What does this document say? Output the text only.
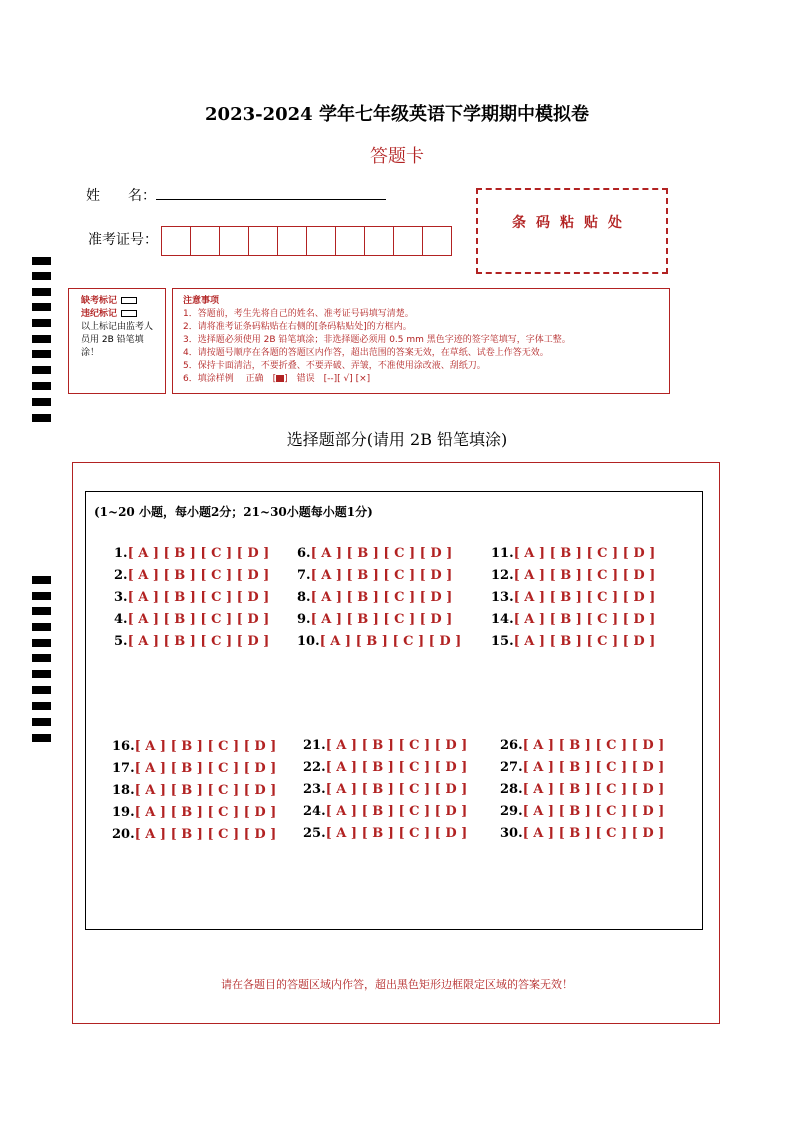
2023-2024 学年七年级英语下学期期中模拟卷
答题卡
姓　　名：
准考证号：
条码粘贴处
缺考标记
违纪标记
以上标记由监考人员用 2B 铅笔填涂！
注意事项
1．答题前，考生先将自己的姓名、准考证号码填写清楚。
2．请将准考证条码粘贴在右侧的[条码粘贴处]的方框内。
3．选择题必须使用 2B 铅笔填涂；非选择题必须用 0.5 mm 黑色字迹的签字笔填写，字体工整。
4．请按题号顺序在各题的答题区内作答，超出范围的答案无效，在草纸、试卷上作答无效。
5．保持卡面清洁，不要折叠、不要弄破、弄皱，不准使用涂改液、刮纸刀。
6．填涂样例　 正确　[ ]　错误　[--][ √] [×]
选择题部分(请用 2B 铅笔填涂)
(1~20 小题，每小题2分；21~30小题每小题1分)
1.[ A ] [ B ] [ C ] [ D ]
2.[ A ] [ B ] [ C ] [ D ]
3.[ A ] [ B ] [ C ] [ D ]
4.[ A ] [ B ] [ C ] [ D ]
5.[ A ] [ B ] [ C ] [ D ]
6.[ A ] [ B ] [ C ] [ D ]
7.[ A ] [ B ] [ C ] [ D ]
8.[ A ] [ B ] [ C ] [ D ]
9.[ A ] [ B ] [ C ] [ D ]
10.[ A ] [ B ] [ C ] [ D ]
11.[ A ] [ B ] [ C ] [ D ]
12.[ A ] [ B ] [ C ] [ D ]
13.[ A ] [ B ] [ C ] [ D ]
14.[ A ] [ B ] [ C ] [ D ]
15.[ A ] [ B ] [ C ] [ D ]
16.[ A ] [ B ] [ C ] [ D ]
17.[ A ] [ B ] [ C ] [ D ]
18.[ A ] [ B ] [ C ] [ D ]
19.[ A ] [ B ] [ C ] [ D ]
20.[ A ] [ B ] [ C ] [ D ]
21.[ A ] [ B ] [ C ] [ D ]
22.[ A ] [ B ] [ C ] [ D ]
23.[ A ] [ B ] [ C ] [ D ]
24.[ A ] [ B ] [ C ] [ D ]
25.[ A ] [ B ] [ C ] [ D ]
26.[ A ] [ B ] [ C ] [ D ]
27.[ A ] [ B ] [ C ] [ D ]
28.[ A ] [ B ] [ C ] [ D ]
29.[ A ] [ B ] [ C ] [ D ]
30.[ A ] [ B ] [ C ] [ D ]
请在各题目的答题区域内作答，超出黑色矩形边框限定区域的答案无效！
